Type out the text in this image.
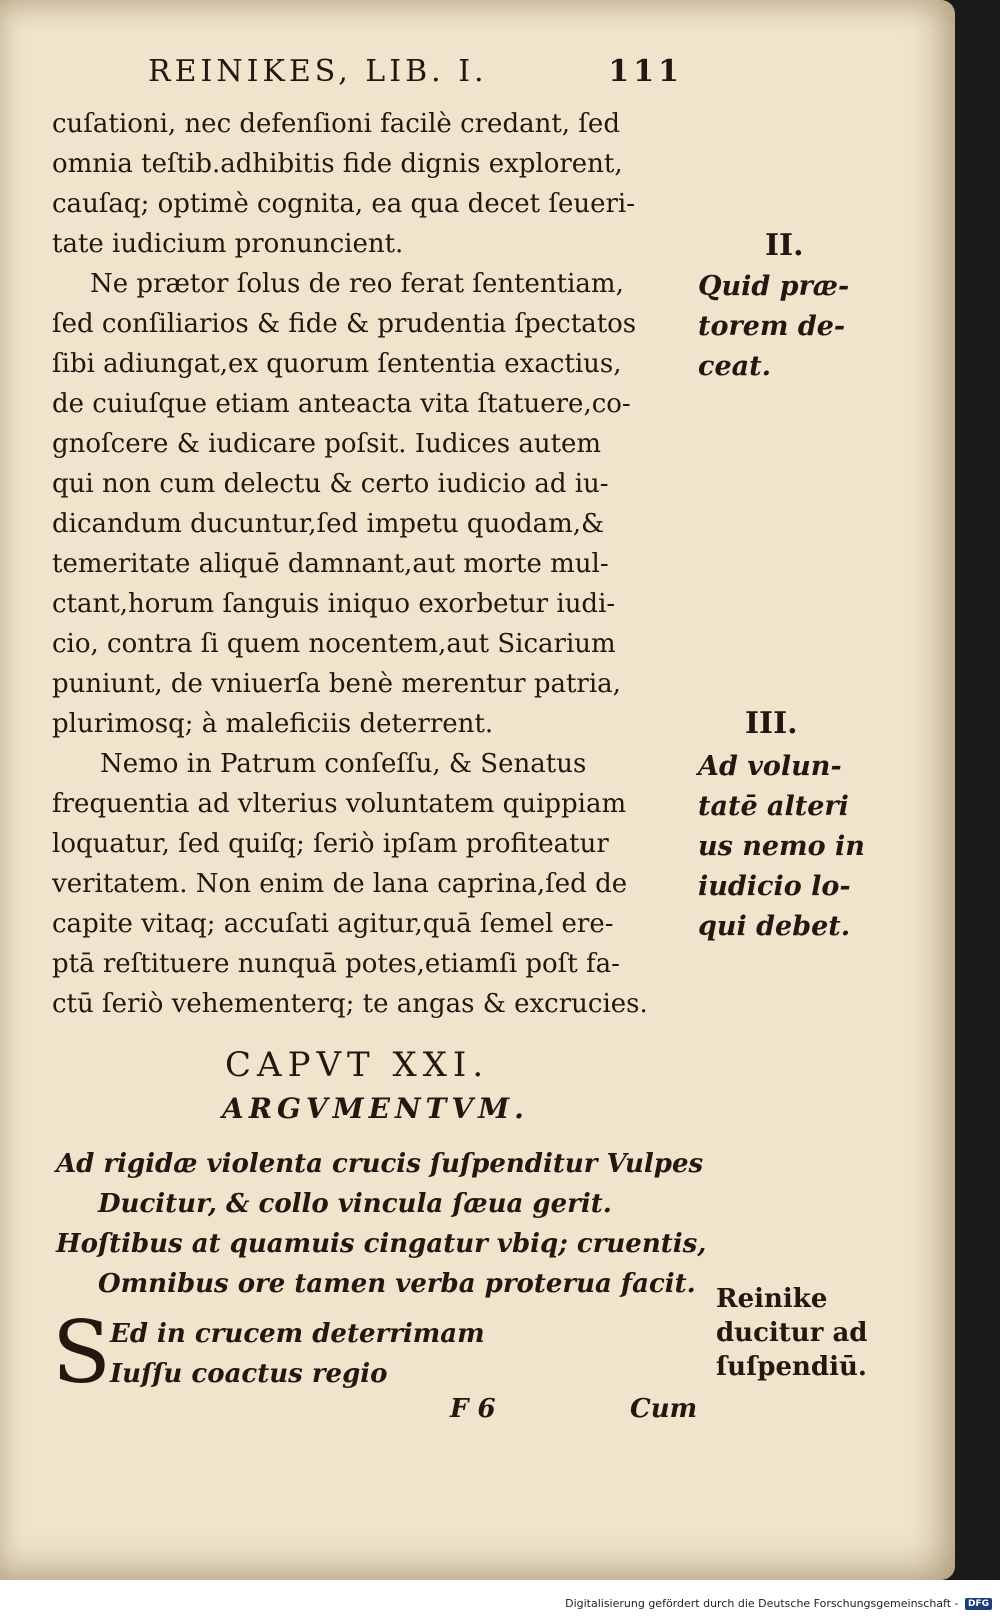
REINIKES, LIB. I.	111
cuſationi, nec defenſioni facilè credant, ſed
omnia teſtib.adhibitis fide dignis explorent,
cauſaq; optimè cognita, ea qua decet ſeueri-
tate iudicium pronuncient.
Ne prætor ſolus de reo ferat ſententiam,
ſed conſiliarios & fide & prudentia ſpectatos
ſibi adiungat,ex quorum ſententia exactius,
de cuiuſque etiam anteacta vita ſtatuere,co-
gnoſcere & iudicare poſsit. Iudices autem
qui non cum delectu & certo iudicio ad iu-
dicandum ducuntur,ſed impetu quodam,&
temeritate aliquē damnant,aut morte mul-
ctant,horum ſanguis iniquo exorbetur iudi-
cio, contra ſi quem nocentem,aut Sicarium
puniunt, de vniuerſa benè merentur patria,
plurimosq; à maleficiis deterrent.
Nemo in Patrum conſeſſu, & Senatus
frequentia ad vlterius voluntatem quippiam
loquatur, ſed quiſq; ſeriò ipſam profiteatur
veritatem. Non enim de lana caprina,ſed de
capite vitaq; accuſati agitur,quā ſemel ere-
ptā reſtituere nunquā potes,etiamſi poſt fa-
ctū ſeriò vehementerq; te angas & excrucies.
II.
Quid præ-
torem de-
ceat.
III.
Ad volun-
tatē alteri
us nemo in
iudicio lo-
qui debet.
CAPVT XXI.
ARGVMENTVM.
Ad rigidæ violenta crucis ſuſpenditur Vulpes
Ducitur, & collo vincula ſæua gerit.
Hoſtibus at quamuis cingatur vbiq; cruentis,
Omnibus ore tamen verba proterua facit.
S Ed in crucem deterrimam
Iuſſu coactus regio
Reinike
ducitur ad
ſuſpendiū.
F 6	Cum
Digitalisierung gefördert durch die Deutsche Forschungsgemeinschaft - DFG
